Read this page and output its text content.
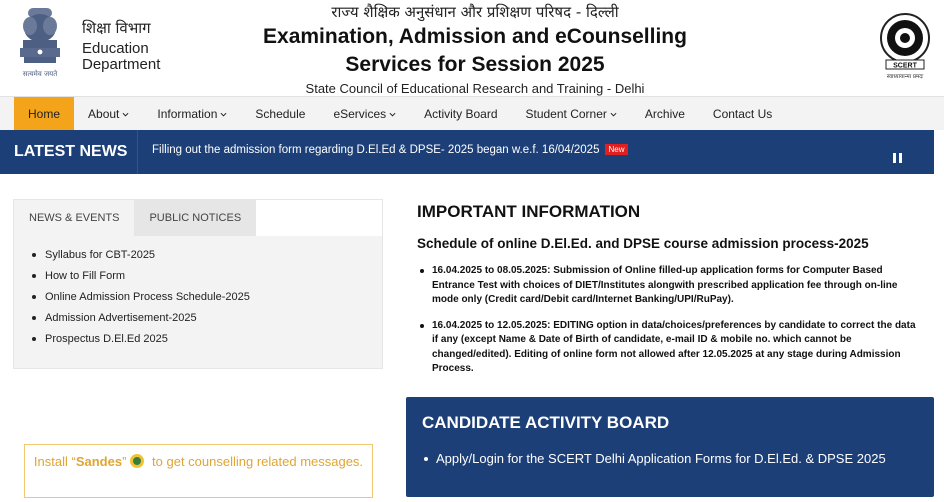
सत्यमेव जयते
शिक्षा विभाग
Education
Department
राज्य शैक्षिक अनुसंधान और प्रशिक्षण परिषद - दिल्ली
Examination, Admission and eCounselling
Services for Session 2025
State Council of Educational Research and Training - Delhi
SCERT
स्वाध्यायान्मा प्रमदः
Home About	Information	Schedule eServices	Activity Board Student Corner	Archive Contact Us
LATEST NEWS	Filling out the admission form regarding D.El.Ed & DPSE- 2025 began w.e.f. 16/04/2025 New
NEWS & EVENTS	PUBLIC NOTICES
Syllabus for CBT-2025
How to Fill Form
Online Admission Process Schedule-2025
Admission Advertisement-2025
Prospectus D.El.Ed 2025
Install “Sandes” to get counselling related messages.
IMPORTANT INFORMATION
Schedule of online D.El.Ed. and DPSE course admission process-2025
16.04.2025 to 08.05.2025: Submission of Online filled-up application forms for Computer Based Entrance Test with choices of DIET/Institutes alongwith prescribed application fee through on-line mode only (Credit card/Debit card/Internet Banking/UPI/RuPay).
16.04.2025 to 12.05.2025: EDITING option in data/choices/preferences by candidate to correct the data if any (except Name & Date of Birth of candidate, e-mail ID & mobile no. which cannot be changed/edited). Editing of online form not allowed after 12.05.2025 at any stage during Admission Process.
CANDIDATE ACTIVITY BOARD
Apply/Login for the SCERT Delhi Application Forms for D.El.Ed. & DPSE 2025
